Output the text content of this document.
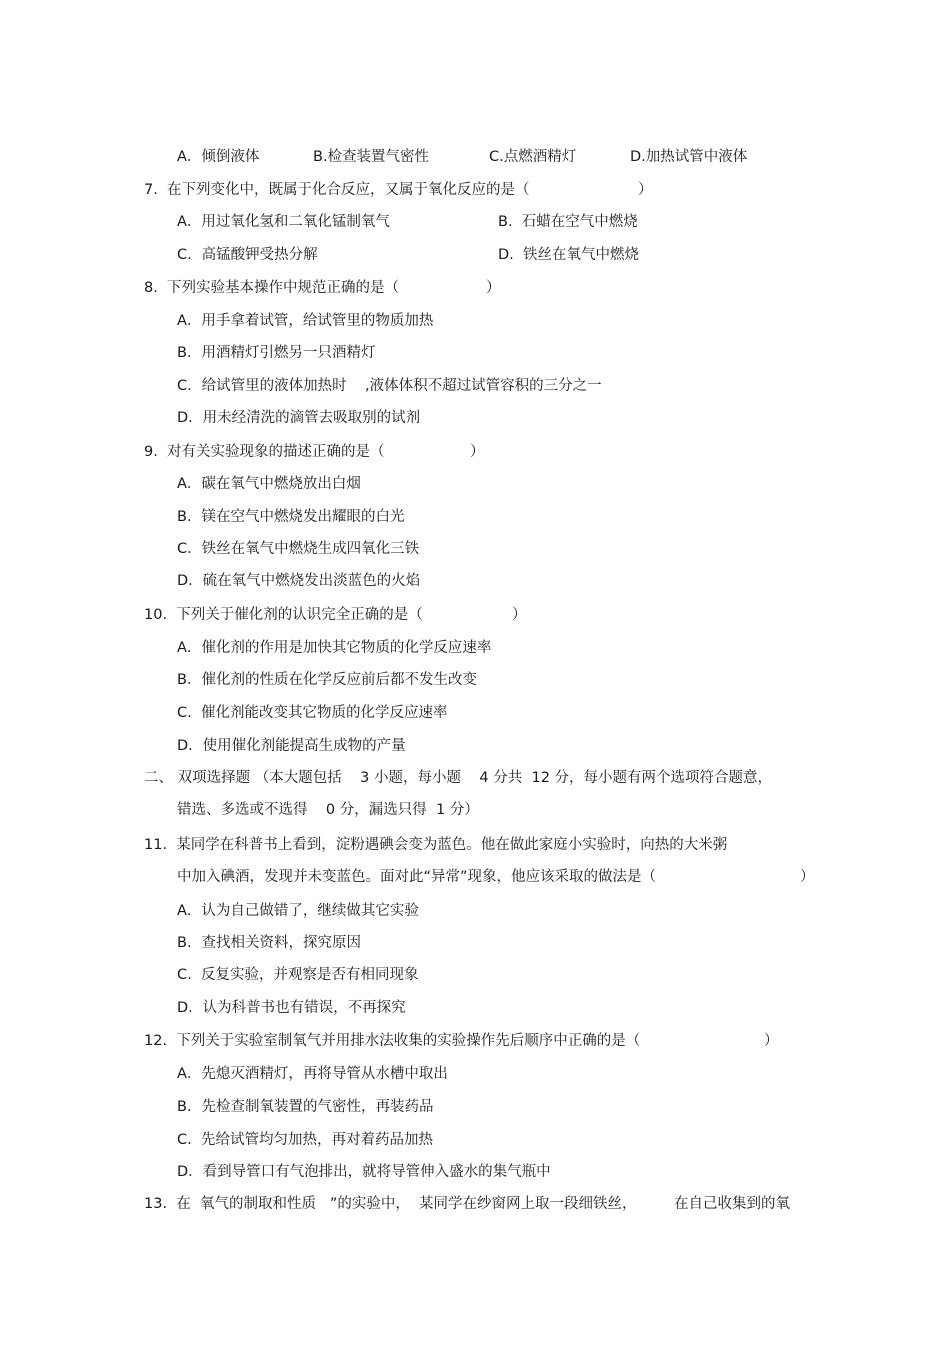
A．倾倒液体	B.检查装置气密性	C.点燃酒精灯	D.加热试管中液体
7.  在下列变化中，既属于化合反应，又属于氧化反应的是（	）
A．用过氧化氢和二氧化锰制氧气	B.  石蜡在空气中燃烧
C．高锰酸钾受热分解	D.  铁丝在氧气中燃烧
8.  下列实验基本操作中规范正确的是（	）
A．用手拿着试管，给试管里的物质加热
B．用酒精灯引燃另一只酒精灯
C．给试管里的液体加热时 ,液体体积不超过试管容积的三分之一
D．用未经清洗的滴管去吸取别的试剂
9.  对有关实验现象的描述正确的是（	）
A．碳在氧气中燃烧放出白烟
B．镁在空气中燃烧发出耀眼的白光
C．铁丝在氧气中燃烧生成四氧化三铁
D．硫在氧气中燃烧发出淡蓝色的火焰
10.  下列关于催化剂的认识完全正确的是（	）
A．催化剂的作用是加快其它物质的化学反应速率
B．催化剂的性质在化学反应前后都不发生改变
C.  催化剂能改变其它物质的化学反应速率
D．使用催化剂能提高生成物的产量
二、 双项选择题 （本大题包括    3 小题，每小题    4 分共  12 分，每小题有两个选项符合题意，
错选、多选或不选得    0 分，漏选只得  1 分）
11.  某同学在科普书上看到，淀粉遇碘会变为蓝色。他在做此家庭小实验时，向热的大米粥
中加入碘酒，发现并未变蓝色。面对此“异常”现象，他应该采取的做法是（	）
A．认为自己做错了，继续做其它实验
B．查找相关资料，探究原因
C.  反复实验，并观察是否有相同现象
D．认为科普书也有错误，不再探究
12.  下列关于实验室制氧气并用排水法收集的实验操作先后顺序中正确的是（	）
A．先熄灭酒精灯，再将导管从水槽中取出
B．先检查制氧装置的气密性，再装药品
C.  先给试管均匀加热，再对着药品加热
D．看到导管口有气泡排出，就将导管伸入盛水的集气瓶中
13.  在  氧气的制取和性质   ”的实验中，  某同学在纱窗网上取一段细铁丝，	在自己收集到的氧
